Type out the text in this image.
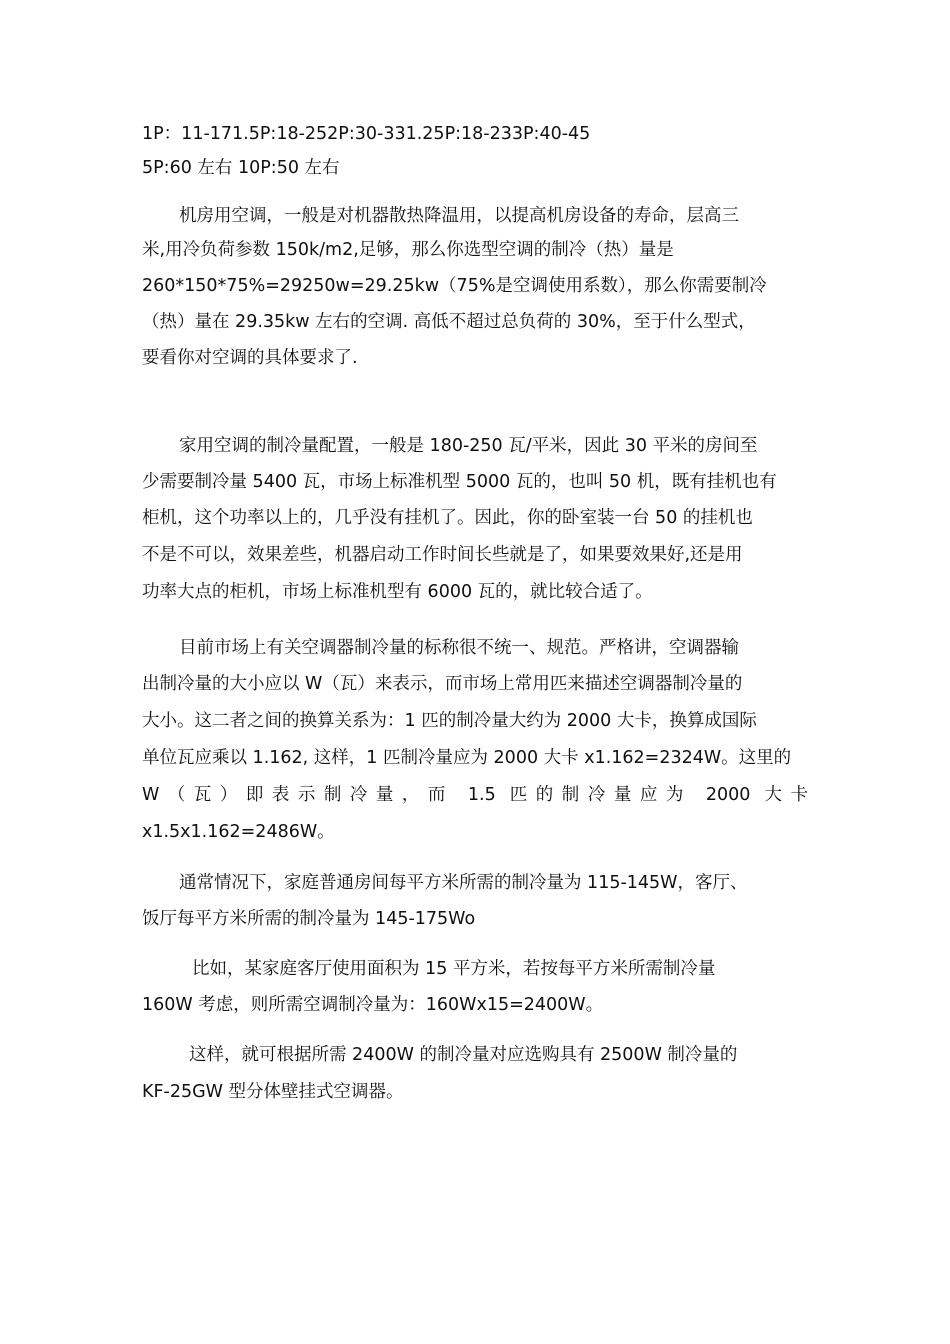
1P：11-171.5P:18-252P:30-331.25P:18-233P:40-45
5P:60 左右 10P:50 左右
机房用空调，一般是对机器散热降温用，以提高机房设备的寿命，层高三
米,用冷负荷参数 150k/m2,足够，那么你选型空调的制冷（热）量是
260*150*75%=29250w=29.25kw（75%是空调使用系数），那么你需要制冷
（热）量在 29.35kw 左右的空调. 高低不超过总负荷的 30%，至于什么型式，
要看你对空调的具体要求了.
家用空调的制冷量配置，一般是 180-250 瓦/平米，因此 30 平米的房间至
少需要制冷量 5400 瓦，市场上标准机型 5000 瓦的，也叫 50 机，既有挂机也有
柜机，这个功率以上的，几乎没有挂机了。因此，你的卧室装一台 50 的挂机也
不是不可以，效果差些，机器启动工作时间长些就是了，如果要效果好,还是用
功率大点的柜机，市场上标准机型有 6000 瓦的，就比较合适了。
目前市场上有关空调器制冷量的标称很不统一、规范。严格讲，空调器输
出制冷量的大小应以 W（瓦）来表示，而市场上常用匹来描述空调器制冷量的
大小。这二者之间的换算关系为：1 匹的制冷量大约为 2000 大卡，换算成国际
单位瓦应乘以 1.162, 这样，1 匹制冷量应为 2000 大卡 x1.162=2324W。这里的
W（瓦）即表示制冷量，而 1.5 匹的制冷量应为 2000 大卡
x1.5x1.162=2486W。
通常情况下，家庭普通房间每平方米所需的制冷量为 115-145W，客厅、
饭厅每平方米所需的制冷量为 145-175Wo
比如，某家庭客厅使用面积为 15 平方米，若按每平方米所需制冷量
160W 考虑，则所需空调制冷量为：160Wx15=2400W。
这样，就可根据所需 2400W 的制冷量对应选购具有 2500W 制冷量的
KF-25GW 型分体壁挂式空调器。
